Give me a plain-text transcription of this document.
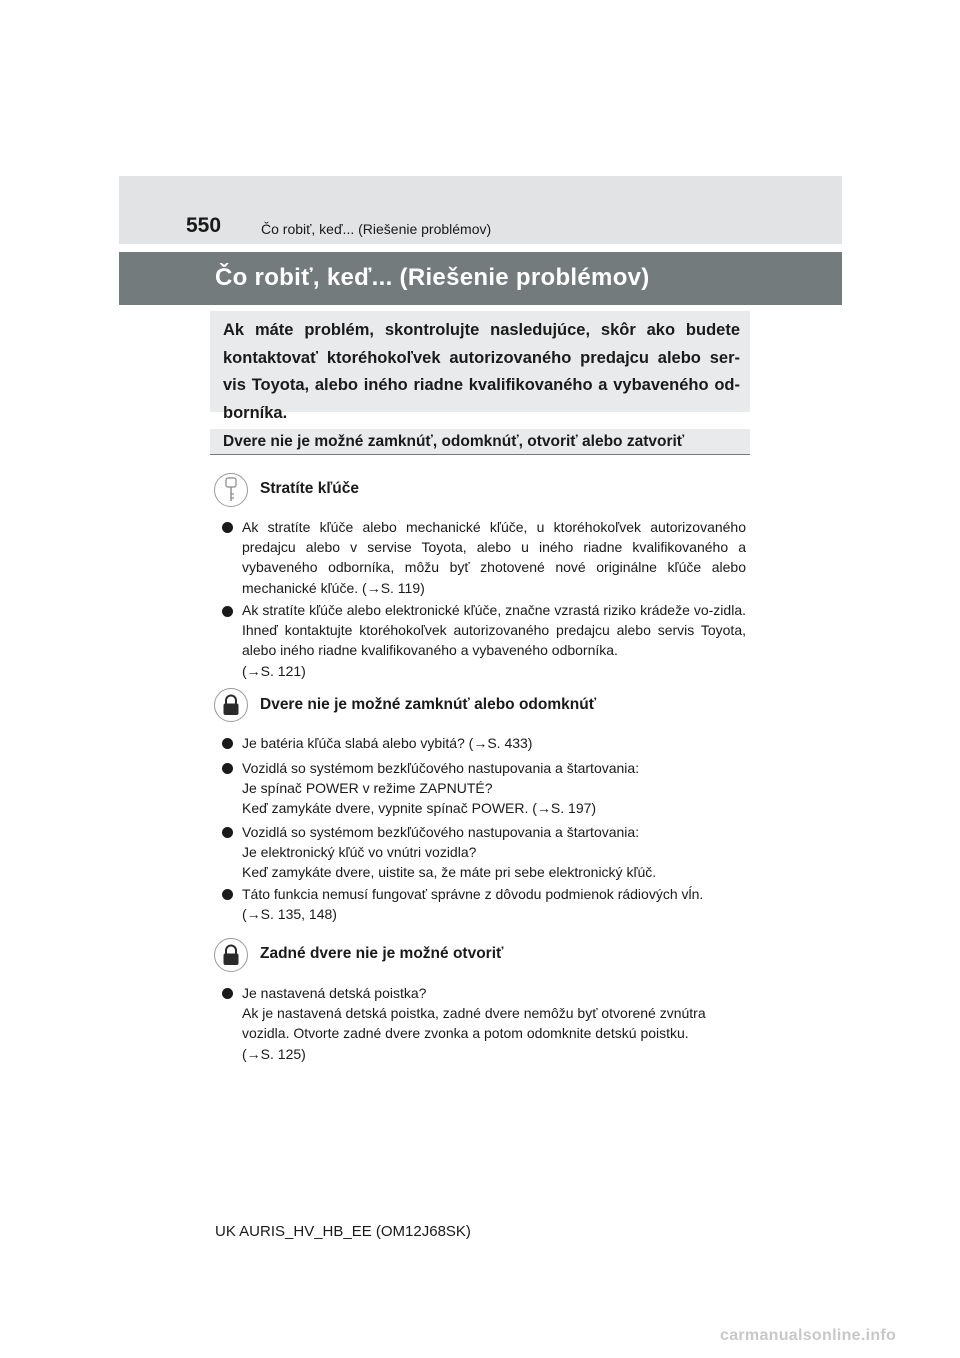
550	Čo robiť, keď... (Riešenie problémov)
Čo robiť, keď... (Riešenie problémov)

Ak máte problém, skontrolujte nasledujúce, skôr ako budete kontaktovať ktoréhokoľvek autorizovaného predajcu alebo ser-vis Toyota, alebo iného riadne kvalifikovaného a vybaveného od-borníka.

Dvere nie je možné zamknúť, odomknúť, otvoriť alebo zatvoriť
Stratíte kľúče

Ak stratíte kľúče alebo mechanické kľúče, u ktoréhokoľvek autorizovaného predajcu alebo v servise Toyota, alebo u iného riadne kvalifikovaného a vybaveného odborníka, môžu byť zhotovené nové originálne kľúče alebo mechanické kľúče. (→S. 119)

Ak stratíte kľúče alebo elektronické kľúče, značne vzrastá riziko krádeže vo-zidla. Ihneď kontaktujte ktoréhokoľvek autorizovaného predajcu alebo servis Toyota, alebo iného riadne kvalifikovaného a vybaveného odborníka.
(→S. 121)

Dvere nie je možné zamknúť alebo odomknúť

Je batéria kľúča slabá alebo vybitá? (→S. 433)

Vozidlá so systémom bezkľúčového nastupovania a štartovania:
Je spínač POWER v režime ZAPNUTÉ?
Keď zamykáte dvere, vypnite spínač POWER. (→S. 197)

Vozidlá so systémom bezkľúčového nastupovania a štartovania:
Je elektronický kľúč vo vnútri vozidla?
Keď zamykáte dvere, uistite sa, že máte pri sebe elektronický kľúč.

Táto funkcia nemusí fungovať správne z dôvodu podmienok rádiových vĺn.
(→S. 135, 148)

Zadné dvere nie je možné otvoriť

Je nastavená detská poistka?
Ak je nastavená detská poistka, zadné dvere nemôžu byť otvorené zvnútra vozidla. Otvorte zadné dvere zvonka a potom odomknite detskú poistku.
(→S. 125)

UK AURIS_HV_HB_EE (OM12J68SK)
carmanualsonline.info
